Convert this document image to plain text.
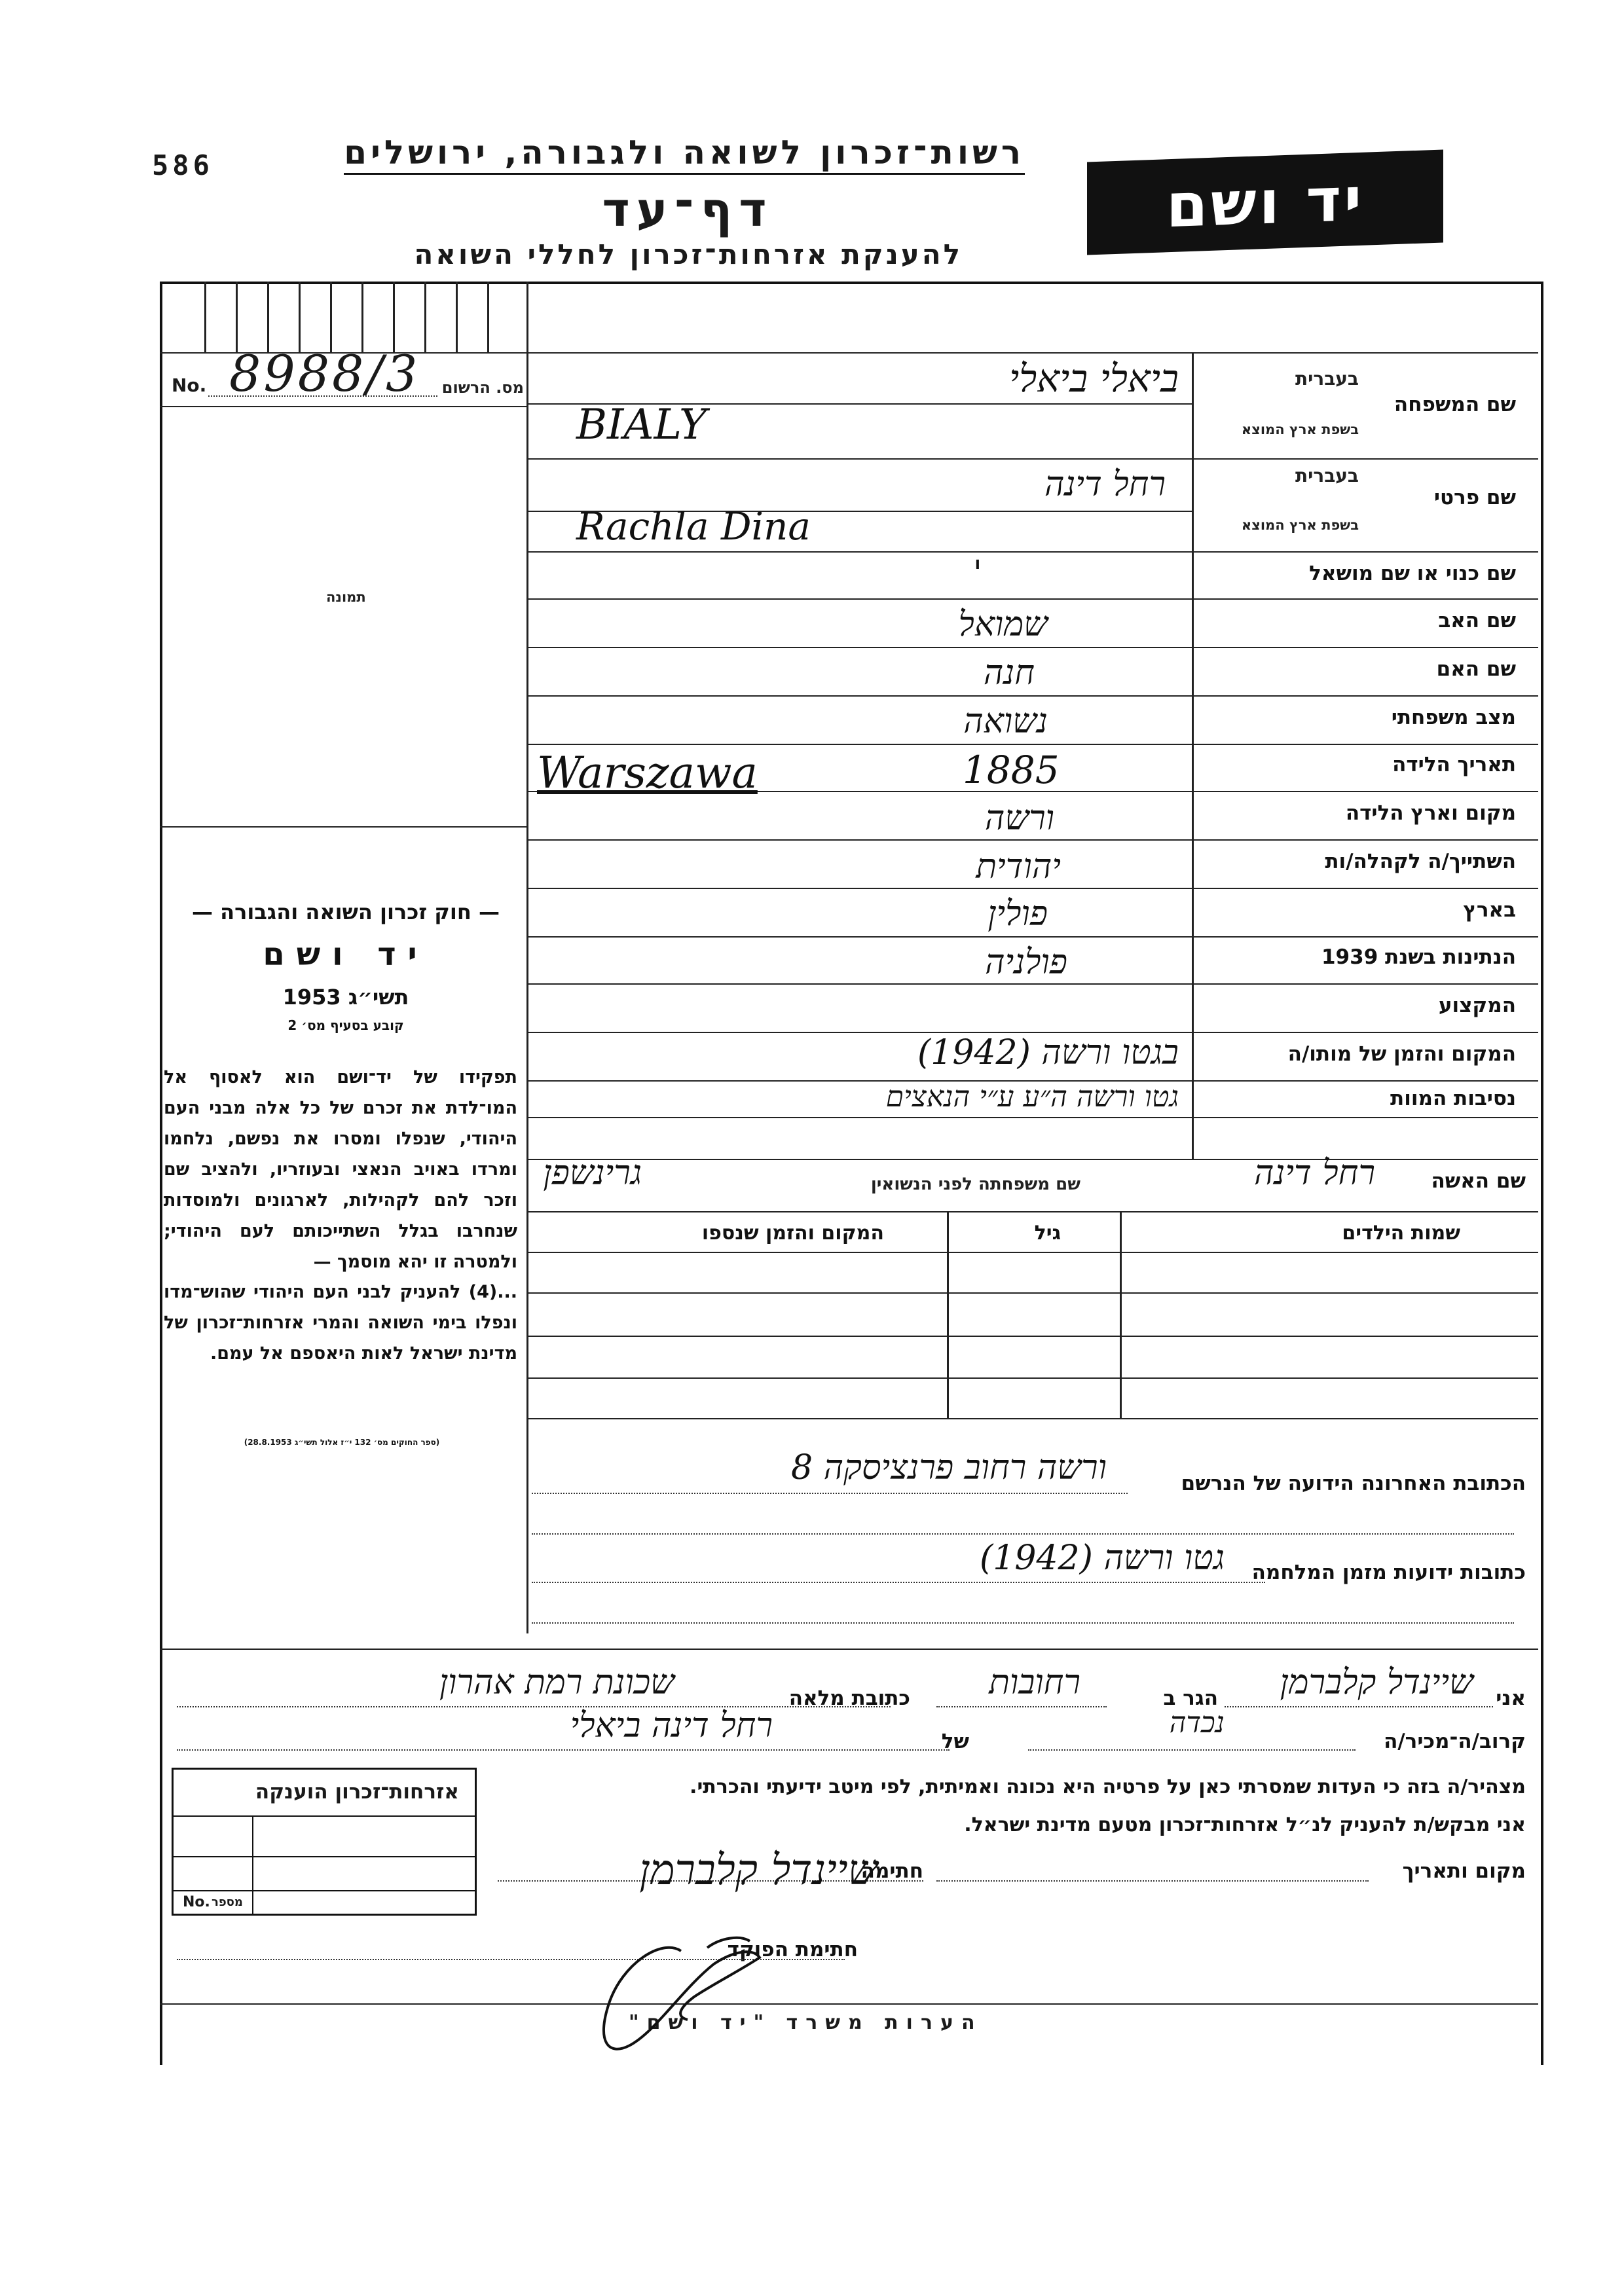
586	רשות־זכרון לשואה ולגבורה, ירושלים
דף־עד
להענקת אזרחות־זכרון לחללי השואה
יד ושם
No. 8988/3 מס. הרשום
תמונה
— חוק זכרון השואה והגבורה —
יד ושם
תשי״ג 1953
קובע בסעיף מס׳ 2
תפקידו של יד־ושם הוא לאסוף אל המו־לדת את זכרם של כל אלה מבני העם היהודי, שנפלו ומסרו את נפשם, נלחמו ומרדו באויב הנאצי ובעוזריו, ולהציב שם וזכר להם לקהילות, לארגונים ולמוסדות שנחרבו בגלל השתייכותם לעם היהודי; ולמטרה זו יהא מוסמך —
...(4) להעניק לבני העם היהודי שהוש־מדו ונפלו בימי השואה והמרי אזרחות־זכרון של מדינת ישראל לאות היאספם אל עמם.
(ספר החוקים מס׳ 132 י״ז אלול תשי״ג 28.8.1953)
שם המשפחה
בעברית
בשפת ארץ המוצא
שם פרטי
בעברית
בשפת ארץ המוצא
שם כנוי או שם מושאל
שם האב
שם האם
מצב משפחתי
תאריך הלידה
מקום וארץ הלידה
השתייך/ה לקהלה/ות
בארץ
הנתינות בשנת 1939
המקצוע
המקום והזמן של מותו/ה
נסיבות המוות
ביאלי ביאלי
BIALY
רחל דינה
Rachla Dina
'
שמואל
חנה
נשואה
1885
Warszawa
ורשה
יהודית
פולין
פולניה
בגטו ורשה (1942)
גטו ורשה ה״ע ע״י הנאצים
שם האשה
רחל דינה
שם משפחתה לפני הנשואין
גרינשפן
שמות הילדים
גיל
המקום והזמן שנספו
הכתובת האחרונה הידועה של הנרשם
ורשה רחוב פרנציסקה 8
כתובות ידועות מזמן המלחמה
גטו ורשה (1942)
אני
שיינדל קלברמן
הגר ב
רחובות
כתובת מלאה
שכונת רמת אהרון
קרוב/ה־מכיר/ה
נכדה
של
רחל דינה ביאלי
מצהיר/ה בזה כי העדות שמסרתי כאן על פרטיה היא נכונה ואמיתית, לפי מיטב ידיעתי והכרתי.
אני מבקש/ת להעניק לנ״ל אזרחות־זכרון מטעם מדינת ישראל.
מקום ותאריך
חתימה
שיינדל קלברמן
חתימת הפוקד
אזרחות־זכרון הוענקה
No. מספר
הערות משרד "יד ושם"
